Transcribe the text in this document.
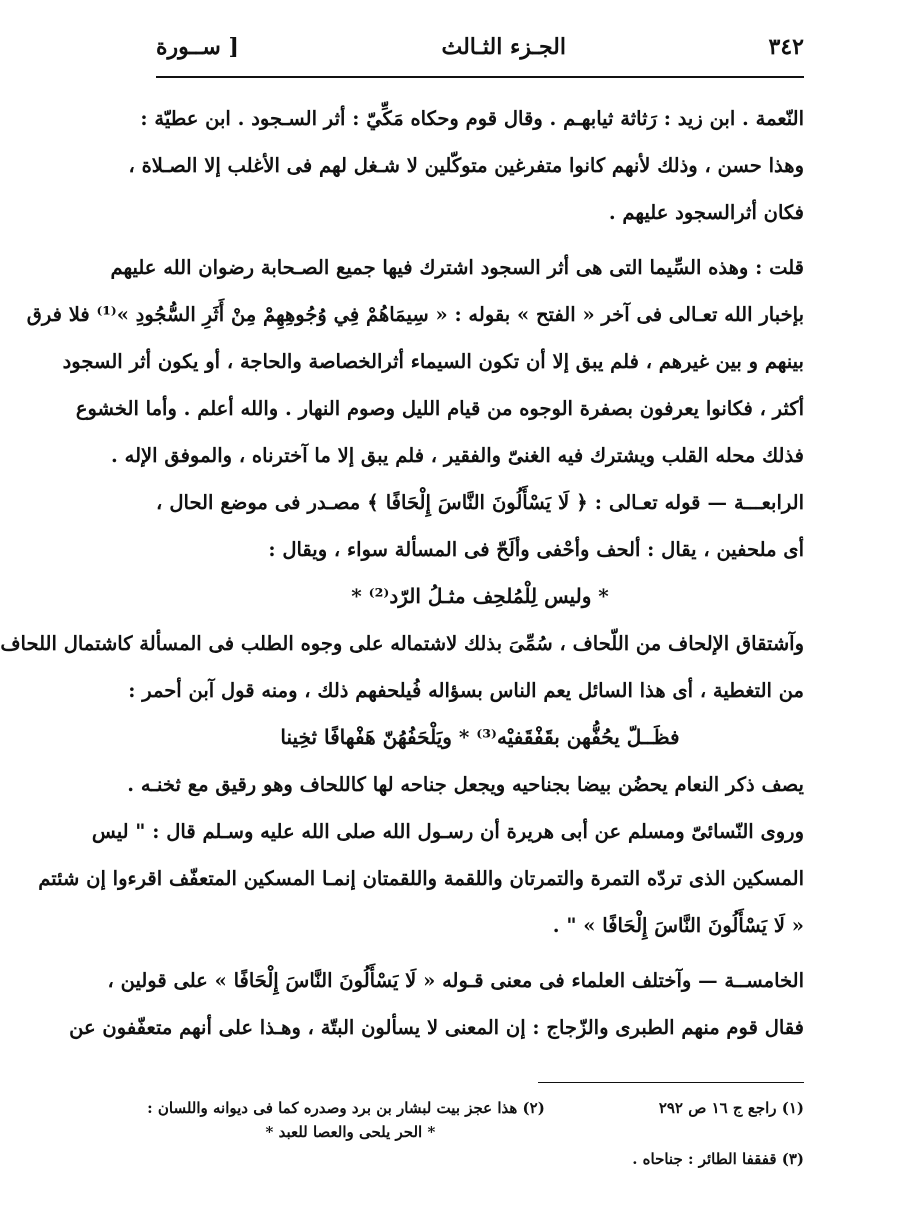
٣٤٢
الجـزء الثـالث
[ ســورة
النّعمة . ابن زيد : رَثاثة ثيابهـم . وقال قوم وحكاه مَكِّيّ : أثر السـجود . ابن عطيّة :
وهذا حسن ، وذلك لأنهم كانوا متفرغين متوكّلين لا شـغل لهم فى الأغلب إلا الصـلاة ،
فكان أثرالسجود عليهم .
قلت : وهذه السِّيما التى هى أثر السجود اشترك فيها جميع الصـحابة رضوان الله عليهم
بإخبار الله تعـالى فى آخر « الفتح » بقوله : « سِيمَاهُمْ فِي وُجُوهِهِمْ مِنْ أَثَرِ السُّجُودِ »⁽¹⁾ فلا فرق
بينهم و بين غيرهم ، فلم يبق إلا أن تكون السيماء أثرالخصاصة والحاجة ، أو يكون أثر السجود
أكثر ، فكانوا يعرفون بصفرة الوجوه من قيام الليل وصوم النهار . والله أعلم . وأما الخشوع
فذلك محله القلب ويشترك فيه الغنىّ والفقير ، فلم يبق إلا ما آخترناه ، والموفق الإله .
الرابعـــة — قوله تعـالى : ﴿ لَا يَسْأَلُونَ النَّاسَ إِلْحَافًا ﴾ مصـدر فى موضع الحال ،
أى ملحفين ، يقال : ألحف وأحْفى وألَحّ فى المسألة سواء ، ويقال :
* وليس لِلْمُلحِف مثـلُ الرّد⁽²⁾ *
وآشتقاق الإلحاف من اللّحاف ، سُمِّىَ بذلك لاشتماله على وجوه الطلب فى المسألة كاشتمال اللحاف
من التغطية ، أى هذا السائل يعم الناس بسؤاله فُيلحفهم ذلك ، ومنه قول آبن أحمر :
فظَــلّ يحُفُّهن بقَفْقَفيْه⁽³⁾ * ويَلْحَفُهُنّ هَفْهافًا ثخِينا
يصف ذكر النعام يحضُن بيضا بجناحيه ويجعل جناحه لها كاللحاف وهو رقيق مع ثخنـه .
وروى النّسائىّ ومسلم عن أبى هريرة أن رسـول الله صلى الله عليه وسـلم قال : " ليس
المسكين الذى تردّه التمرة والتمرتان واللقمة واللقمتان إنمـا المسكين المتعفّف اقرءوا إن شئتم
« لَا يَسْأَلُونَ النَّاسَ إِلْحَافًا » " .
الخامســة — وآختلف العلماء فى معنى قـوله « لَا يَسْأَلُونَ النَّاسَ إِلْحَافًا » على قولين ،
فقال قوم منهم الطبرى والزّجاج : إن المعنى لا يسألون البتّة ، وهـذا على أنهم متعفّفون عن
(١) راجع ج ١٦ ص ٢٩٢
(٢) هذا عجز بيت لبشار بن برد وصدره كما فى ديوانه واللسان :
* الحر يلحى والعصا للعبد *
(٣) قفقفا الطائر : جناحاه .
